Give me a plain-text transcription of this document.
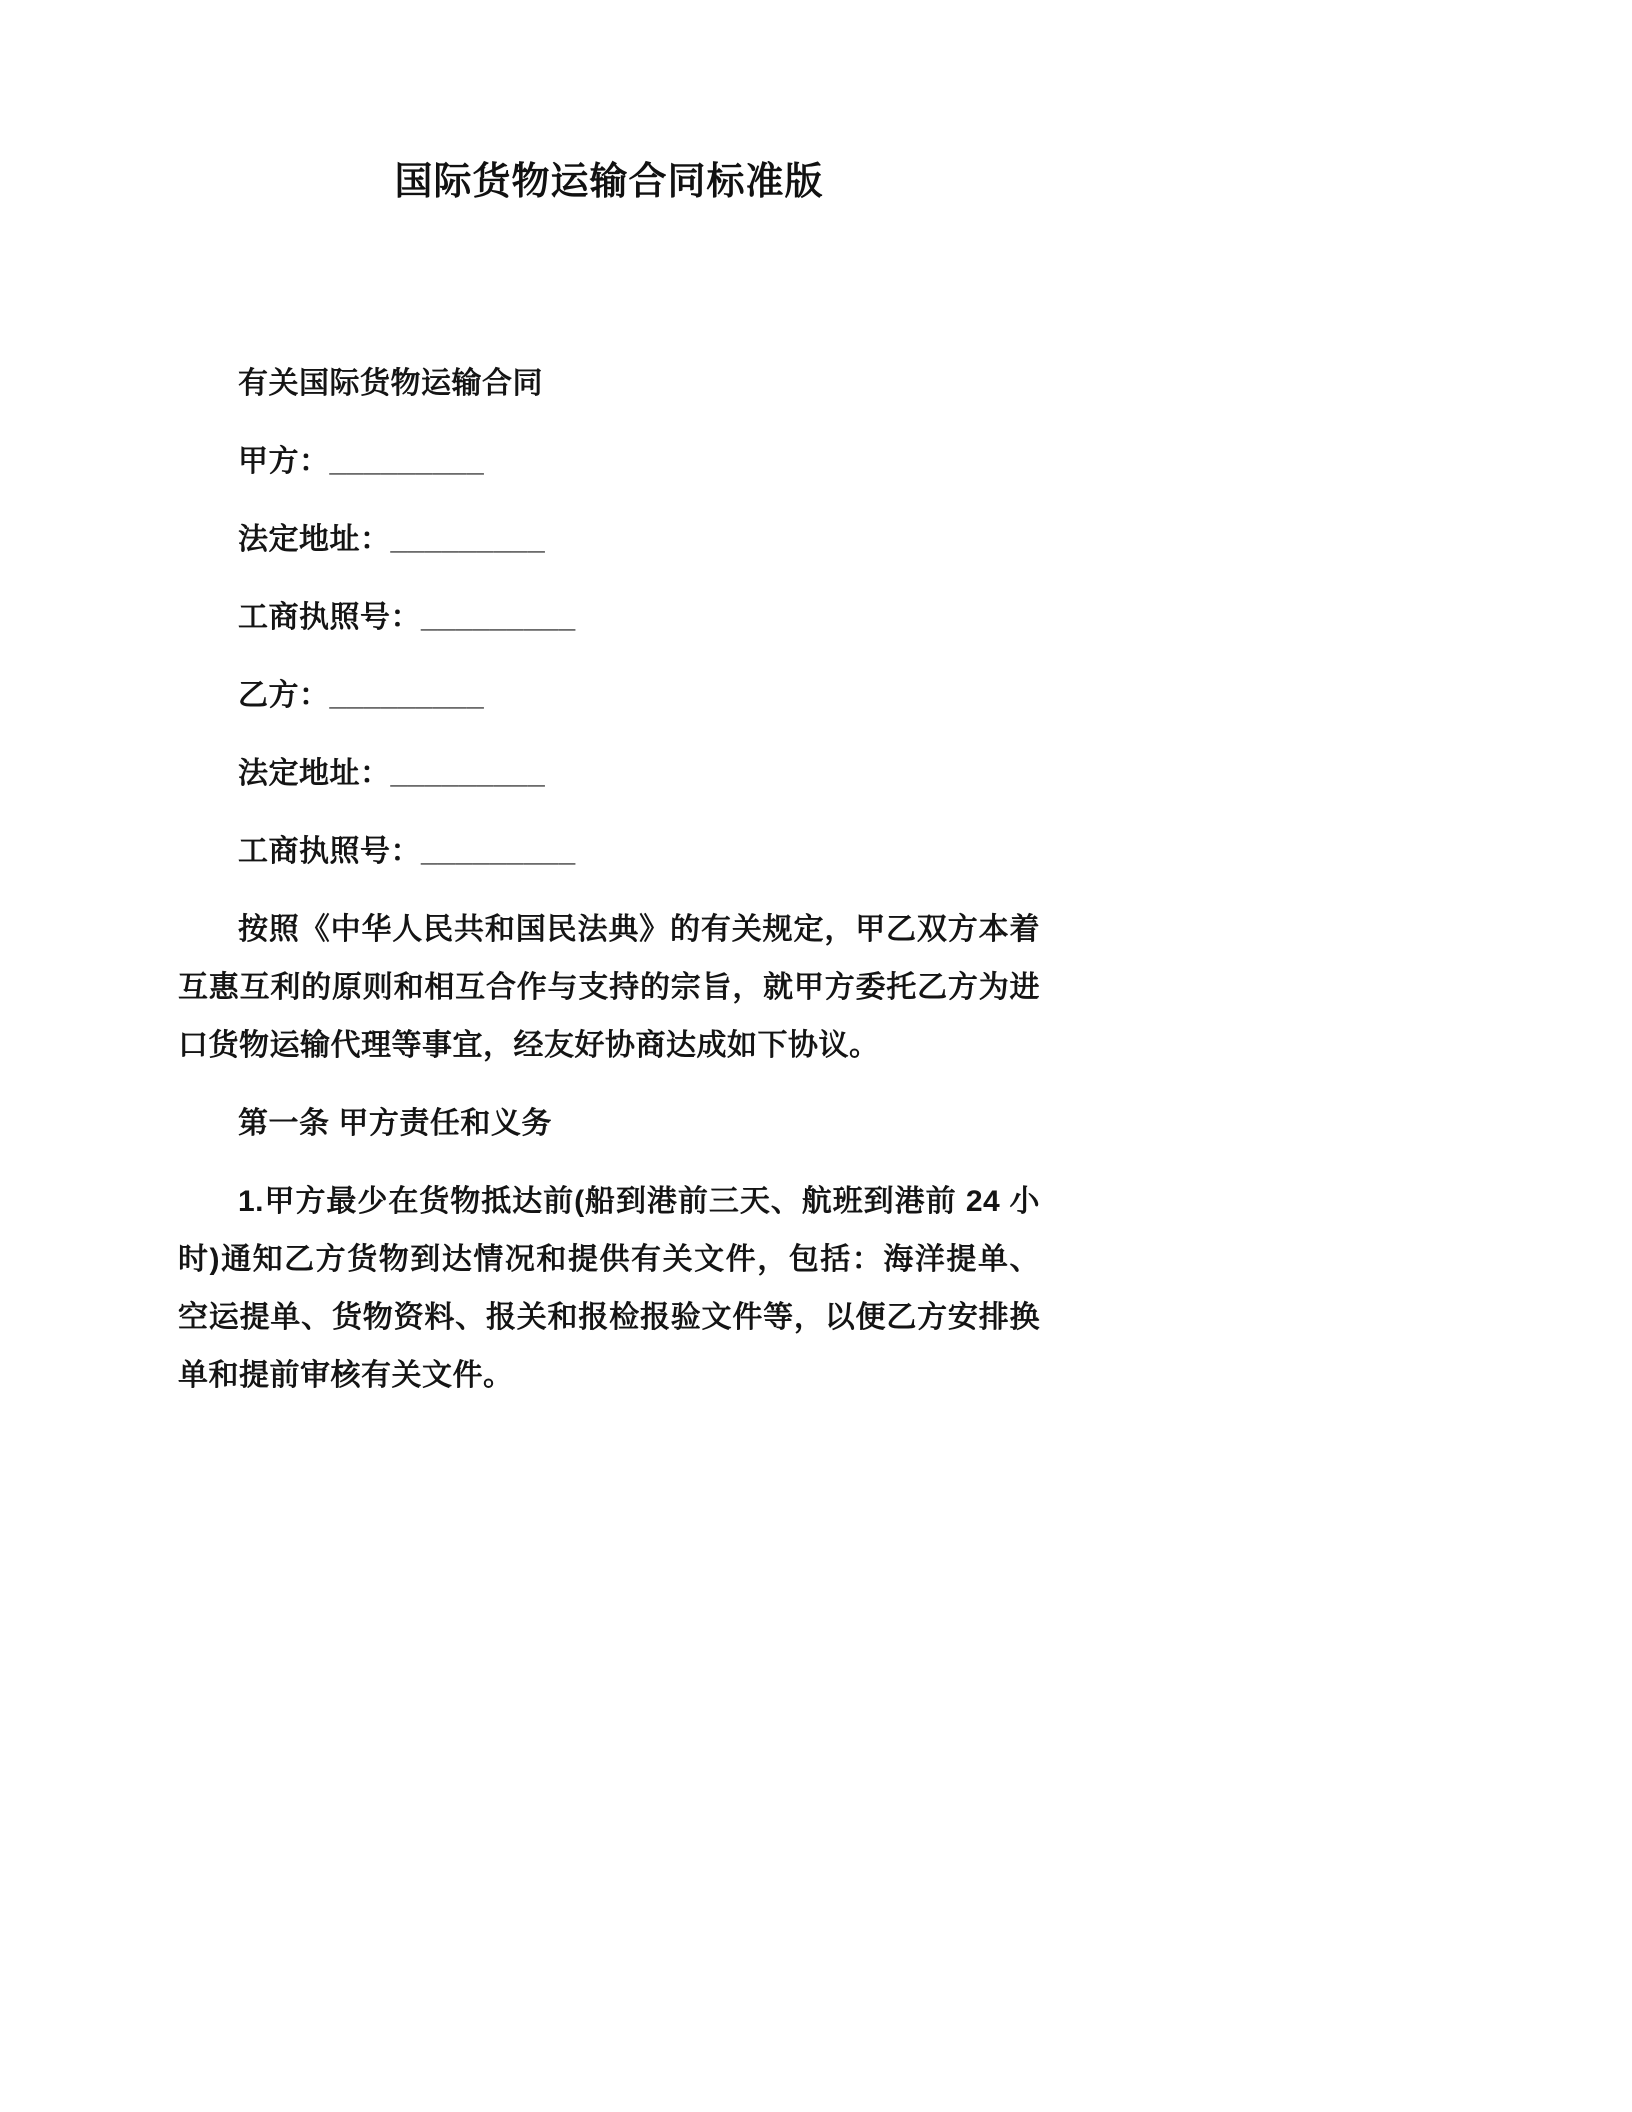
国际货物运输合同标准版

有关国际货物运输合同

甲方：_________

法定地址：_________

工商执照号：_________

乙方：_________

法定地址：_________

工商执照号：_________

按照《中华人民共和国民法典》的有关规定，甲乙双方本着互惠互利的原则和相互合作与支持的宗旨，就甲方委托乙方为进口货物运输代理等事宜，经友好协商达成如下协议。

第一条 甲方责任和义务

1.甲方最少在货物抵达前(船到港前三天、航班到港前 24 小时)通知乙方货物到达情况和提供有关文件，包括：海洋提单、空运提单、货物资料、报关和报检报验文件等，以便乙方安排换单和提前审核有关文件。
